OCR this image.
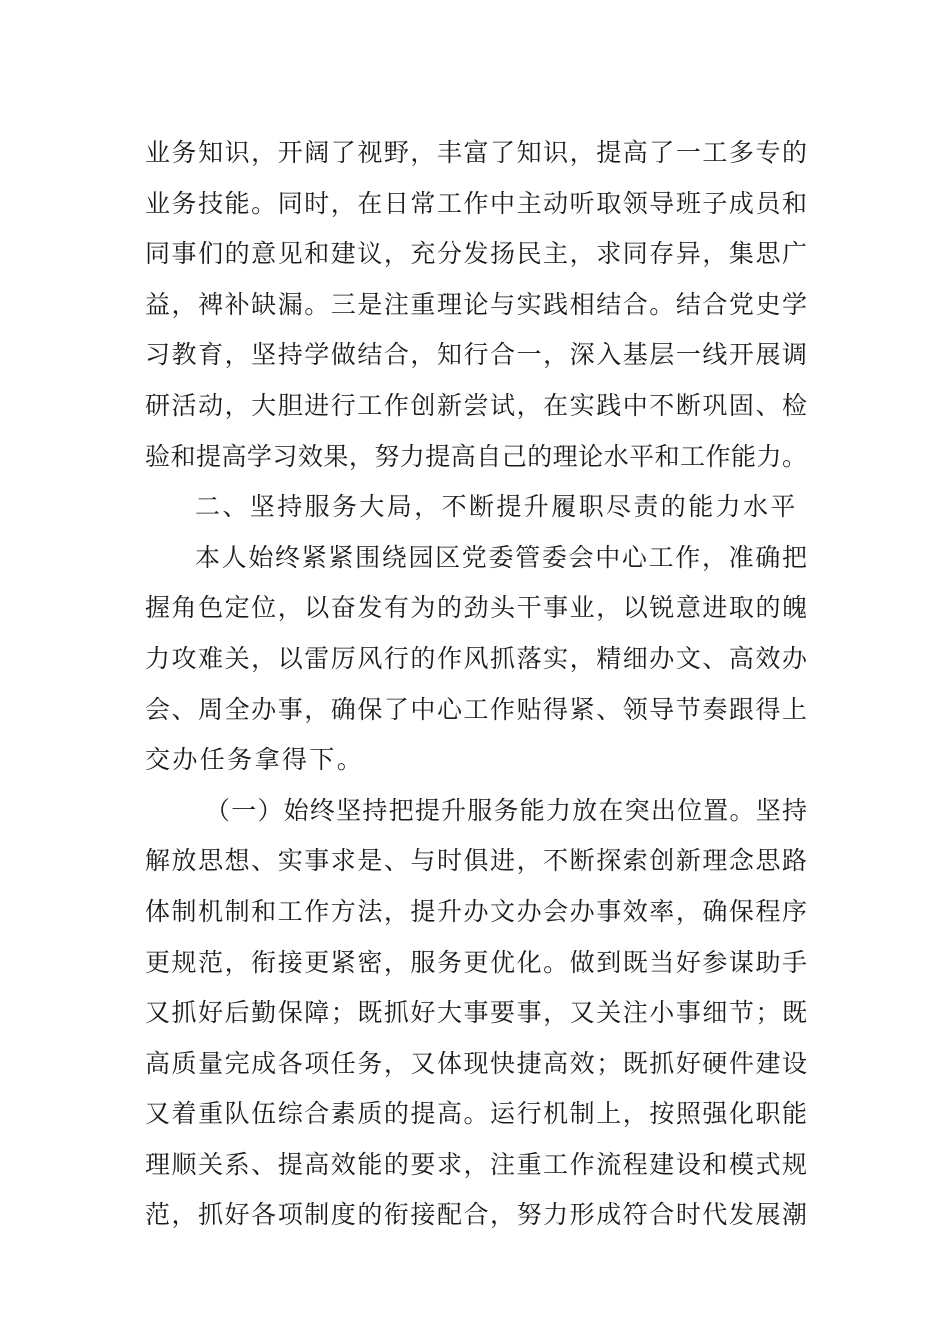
业务知识，开阔了视野，丰富了知识，提高了一工多专的
业务技能。同时，在日常工作中主动听取领导班子成员和
同事们的意见和建议，充分发扬民主，求同存异，集思广
益，裨补缺漏。三是注重理论与实践相结合。结合党史学
习教育，坚持学做结合，知行合一，深入基层一线开展调
研活动，大胆进行工作创新尝试，在实践中不断巩固、检
验和提高学习效果，努力提高自己的理论水平和工作能力。
二、坚持服务大局，不断提升履职尽责的能力水平
本人始终紧紧围绕园区党委管委会中心工作，准确把
握角色定位，以奋发有为的劲头干事业，以锐意进取的魄
力攻难关，以雷厉风行的作风抓落实，精细办文、高效办
会、周全办事，确保了中心工作贴得紧、领导节奏跟得上
交办任务拿得下。
（一）始终坚持把提升服务能力放在突出位置。坚持
解放思想、实事求是、与时俱进，不断探索创新理念思路
体制机制和工作方法，提升办文办会办事效率，确保程序
更规范，衔接更紧密，服务更优化。做到既当好参谋助手
又抓好后勤保障；既抓好大事要事，又关注小事细节；既
高质量完成各项任务，又体现快捷高效；既抓好硬件建设
又着重队伍综合素质的提高。运行机制上，按照强化职能
理顺关系、提高效能的要求，注重工作流程建设和模式规
范，抓好各项制度的衔接配合，努力形成符合时代发展潮
